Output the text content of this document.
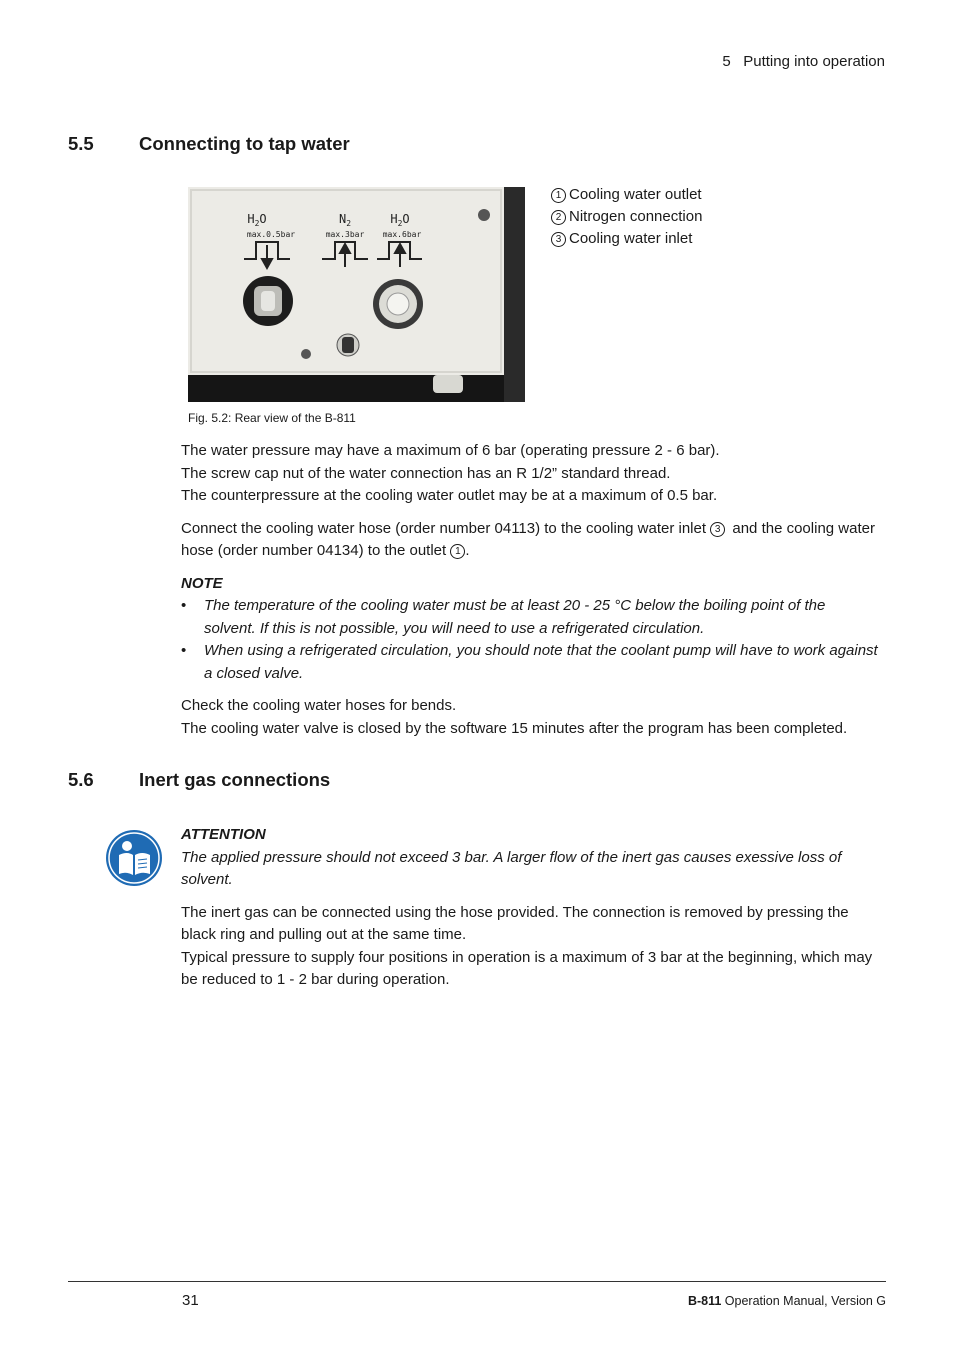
5   Putting into operation
5.5 Connecting to tap water
$H_2O$	$N_2$	$H_2O$
max.0.5bar	max.3bar max.6bar
1 Cooling water outlet
2 Nitrogen connection
3 Cooling water inlet
Fig. 5.2: Rear view of the B-811

The water pressure may have a maximum of 6 bar (operating pressure 2 - 6 bar).
The screw cap nut of the water connection has an R 1/2” standard thread.
The counterpressure at the cooling water outlet may be at a maximum of 0.5 bar.

Connect the cooling water hose (order number 04113) to the cooling water inlet 3 and the cooling water hose (order number 04134) to the outlet 1 .

NOTE
• The temperature of the cooling water must be at least 20 - 25 °C below the boiling point of the solvent. If this is not possible, you will need to use a refrigerated circulation.
• When using a refrigerated circulation, you should note that the coolant pump will have to work against a closed valve.

Check the cooling water hoses for bends.
The cooling water valve is closed by the software 15 minutes after the program has been completed.

5.6 Inert gas connections
ATTENTION

The applied pressure should not exceed 3 bar. A larger flow of the inert gas causes exessive loss of solvent.

The inert gas can be connected using the hose provided. The connection is removed by pressing the black ring and pulling out at the same time.

Typical pressure to supply four positions in operation is a maximum of 3 bar at the beginning, which may be reduced to 1 - 2 bar during operation.

31	B-811 Operation Manual, Version G
